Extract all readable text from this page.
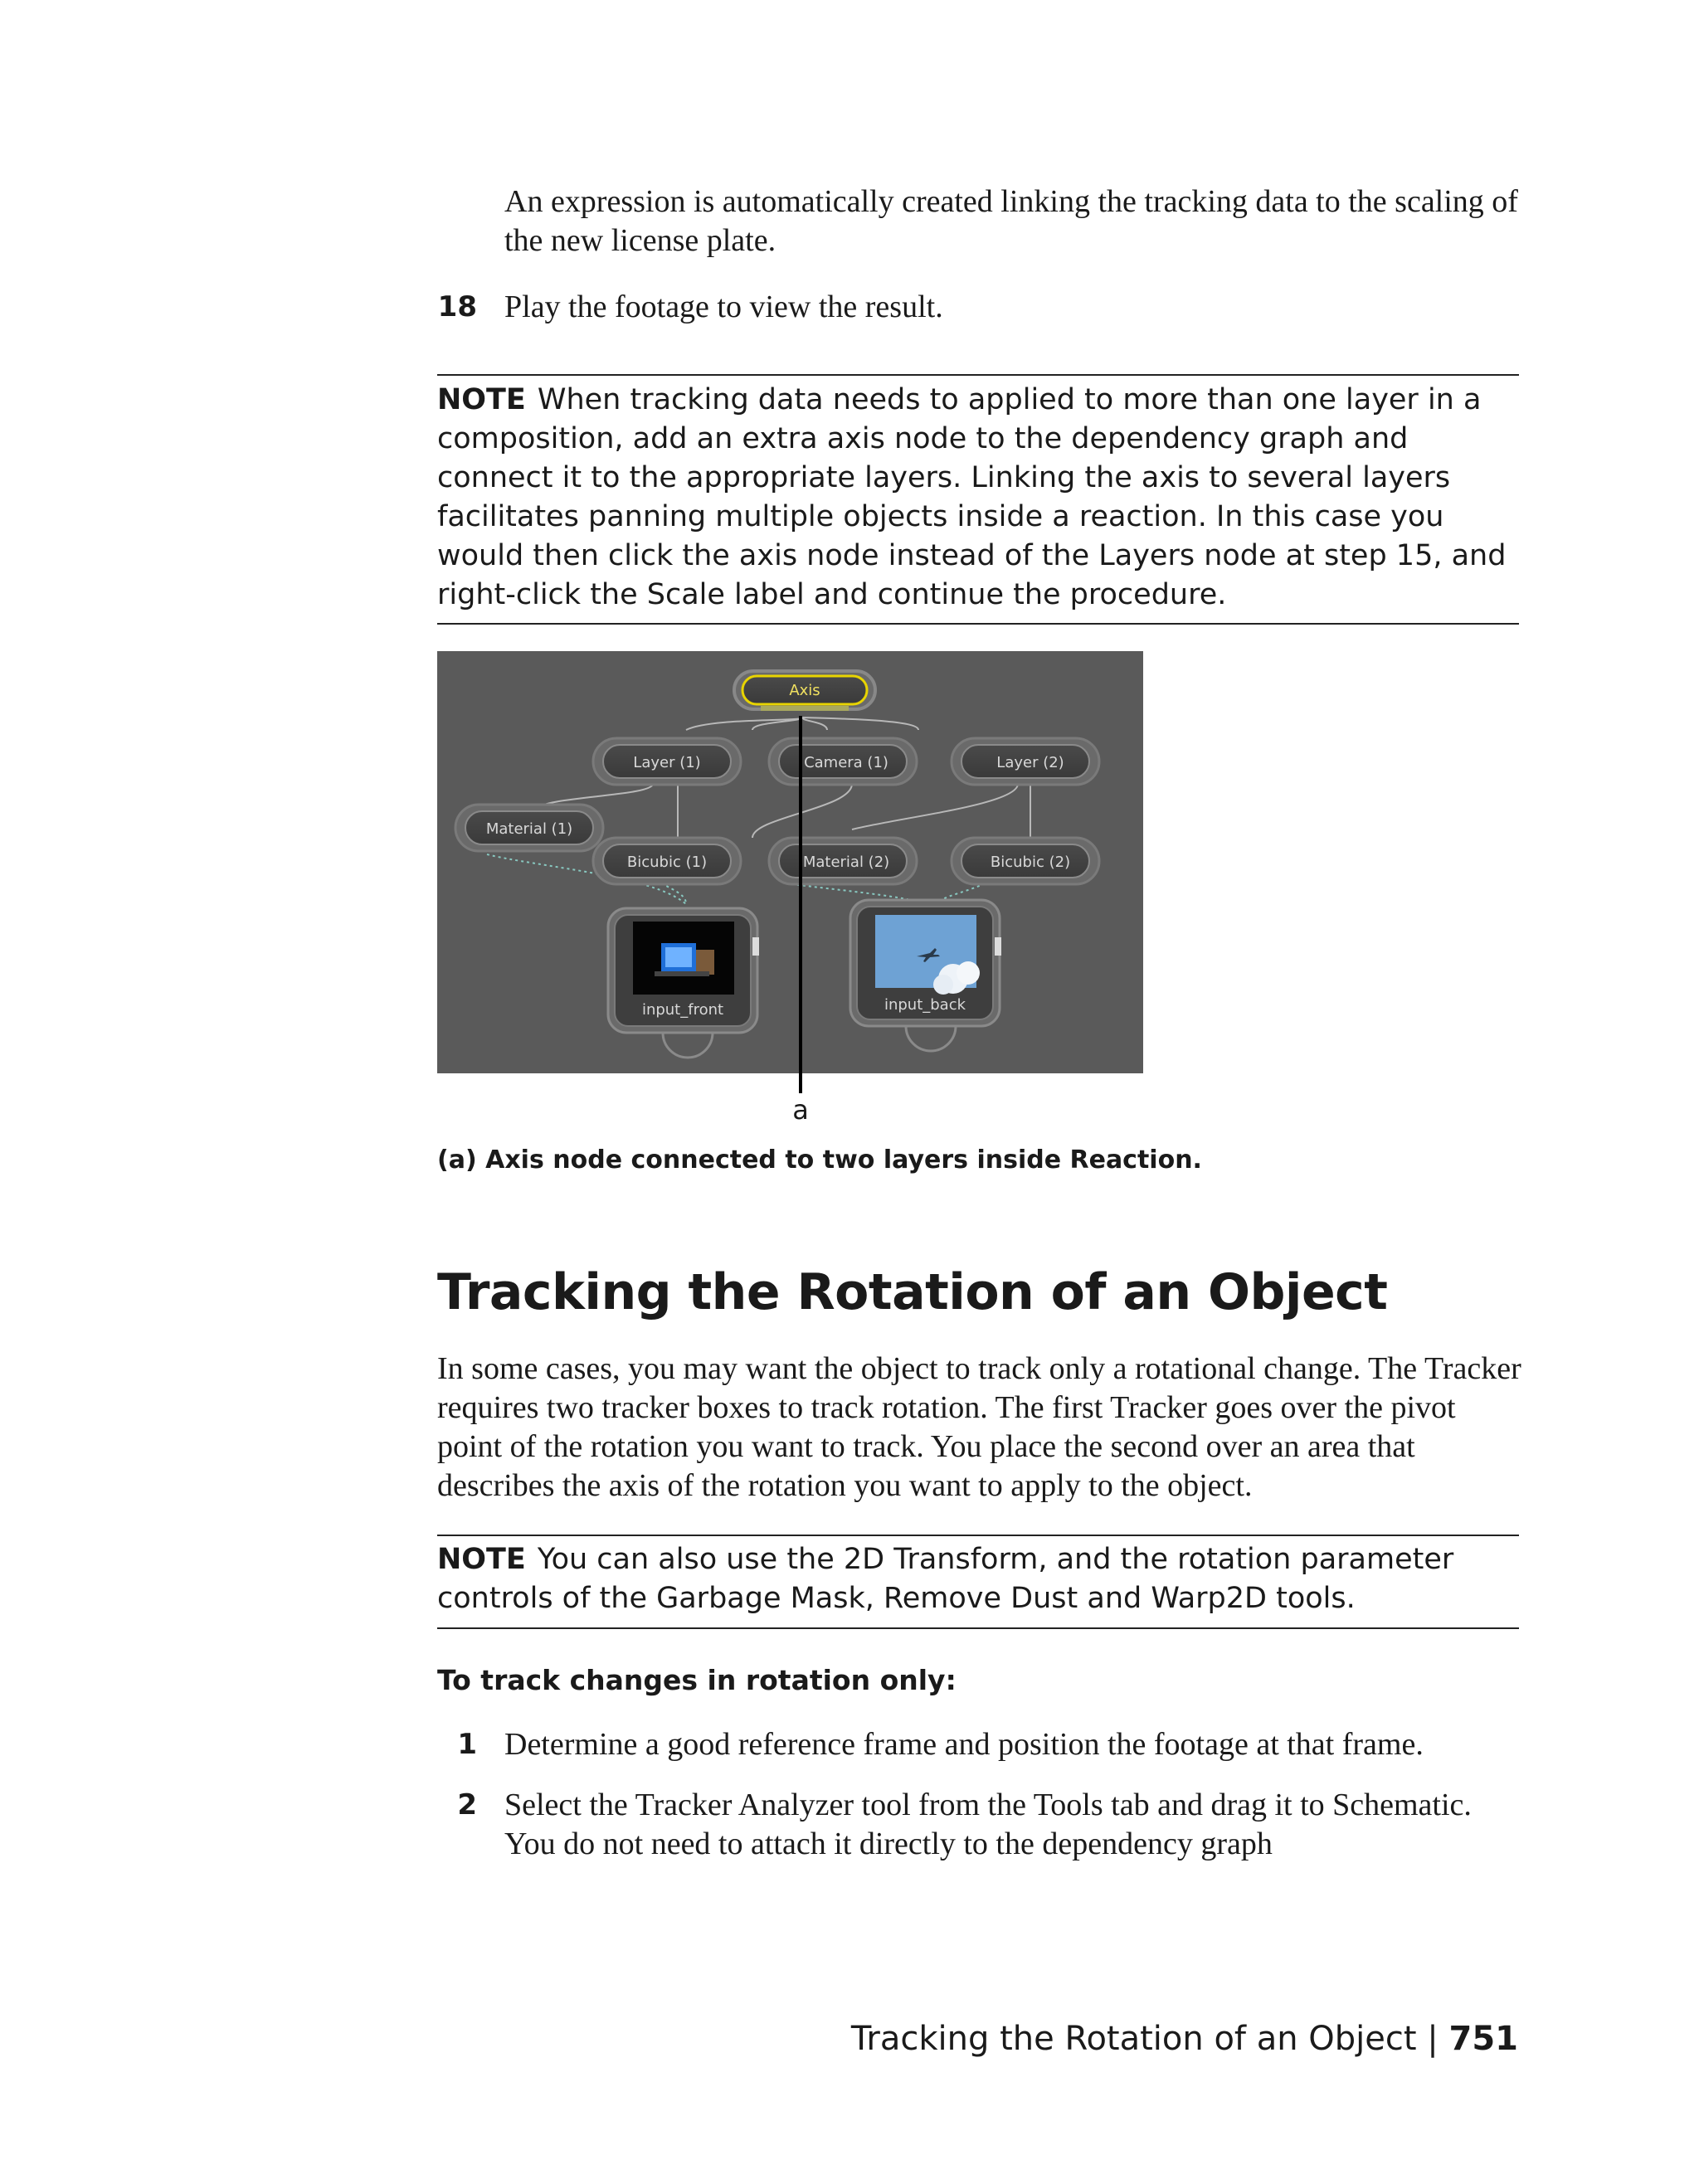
An expression is automatically created linking the tracking data to the scaling of the new license plate.
18 Play the footage to view the result.
NOTE When tracking data needs to applied to more than one layer in a composition, add an extra axis node to the dependency graph and connect it to the appropriate layers. Linking the axis to several layers facilitates panning multiple objects inside a reaction. In this case you would then click the axis node instead of the Layers node at step 15, and right-click the Scale label and continue the procedure.
Axis
Layer (1)	Camera (1)	Layer (2)
Material (1)
Bicubic (1)	Material (2)	Bicubic (2)
input_front	input_back
a
(a) Axis node connected to two layers inside Reaction.
Tracking the Rotation of an Object
In some cases, you may want the object to track only a rotational change. The Tracker requires two tracker boxes to track rotation. The first Tracker goes over the pivot point of the rotation you want to track. You place the second over an area that describes the axis of the rotation you want to apply to the object.
NOTE You can also use the 2D Transform, and the rotation parameter controls of the Garbage Mask, Remove Dust and Warp2D tools.
To track changes in rotation only:
1 Determine a good reference frame and position the footage at that frame.
2 Select the Tracker Analyzer tool from the Tools tab and drag it to Schematic. You do not need to attach it directly to the dependency graph
Tracking the Rotation of an Object | 751
